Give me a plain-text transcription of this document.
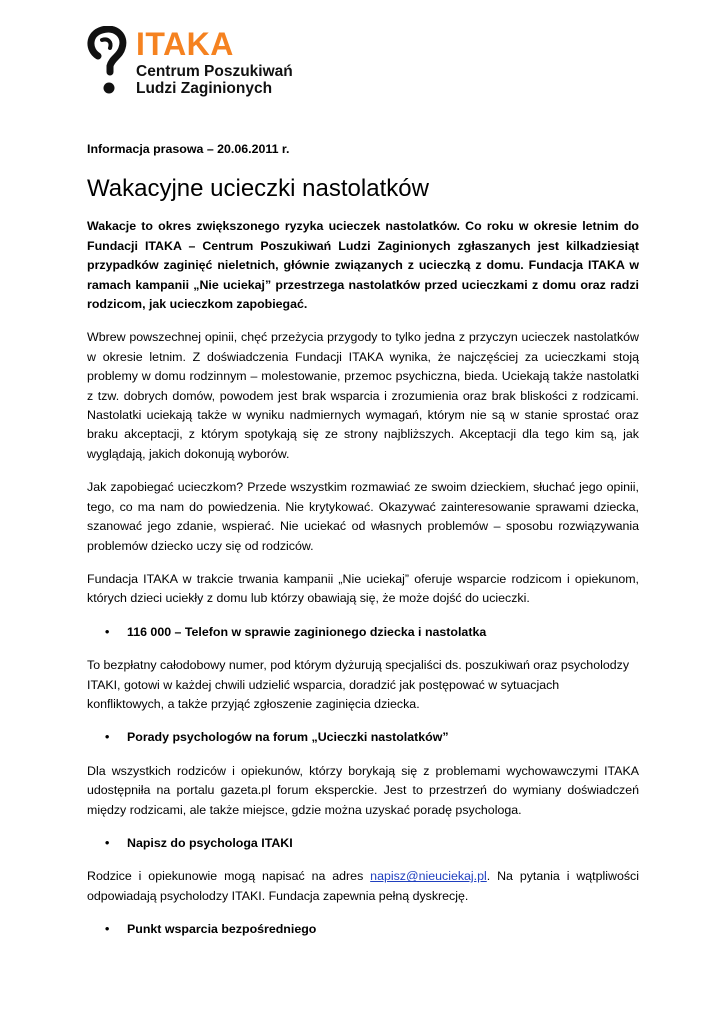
ITAKA
Centrum Poszukiwań
Ludzi Zaginionych
Informacja prasowa – 20.06.2011 r.
Wakacyjne ucieczki nastolatków

Wakacje to okres zwiększonego ryzyka ucieczek nastolatków. Co roku w okresie letnim do Fundacji ITAKA – Centrum Poszukiwań Ludzi Zaginionych zgłaszanych jest kilkadziesiąt przypadków zaginięć nieletnich, głównie związanych z ucieczką z domu. Fundacja ITAKA w ramach kampanii „Nie uciekaj” przestrzega nastolatków przed ucieczkami z domu oraz radzi rodzicom, jak ucieczkom zapobiegać.

Wbrew powszechnej opinii, chęć przeżycia przygody to tylko jedna z przyczyn ucieczek nastolatków w okresie letnim. Z doświadczenia Fundacji ITAKA wynika, że najczęściej za ucieczkami stoją problemy w domu rodzinnym – molestowanie, przemoc psychiczna, bieda. Uciekają także nastolatki z tzw. dobrych domów, powodem jest brak wsparcia i zrozumienia oraz brak bliskości z rodzicami. Nastolatki uciekają także w wyniku nadmiernych wymagań, którym nie są w stanie sprostać oraz braku akceptacji, z którym spotykają się ze strony najbliższych. Akceptacji dla tego kim są, jak wyglądają, jakich dokonują wyborów.

Jak zapobiegać ucieczkom? Przede wszystkim rozmawiać ze swoim dzieckiem, słuchać jego opinii, tego, co ma nam do powiedzenia. Nie krytykować. Okazywać zainteresowanie sprawami dziecka, szanować jego zdanie, wspierać. Nie uciekać od własnych problemów – sposobu rozwiązywania problemów dziecko uczy się od rodziców.

Fundacja ITAKA w trakcie trwania kampanii „Nie uciekaj” oferuje wsparcie rodzicom i opiekunom, których dzieci uciekły z domu lub którzy obawiają się, że może dojść do ucieczki.

•	116 000 – Telefon w sprawie zaginionego dziecka i nastolatka

To bezpłatny całodobowy numer, pod którym dyżurują specjaliści ds. poszukiwań oraz psycholodzy ITAKI, gotowi w każdej chwili udzielić wsparcia, doradzić jak postępować w sytuacjach konfliktowych, a także przyjąć zgłoszenie zaginięcia dziecka.

•	Porady psychologów na forum „Ucieczki nastolatków”

Dla wszystkich rodziców i opiekunów, którzy borykają się z problemami wychowawczymi ITAKA udostępniła na portalu gazeta.pl forum eksperckie. Jest to przestrzeń do wymiany doświadczeń między rodzicami, ale także miejsce, gdzie można uzyskać poradę psychologa.

•	Napisz do psychologa ITAKI

Rodzice i opiekunowie mogą napisać na adres napisz@nieuciekaj.pl. Na pytania i wątpliwości odpowiadają psycholodzy ITAKI. Fundacja zapewnia pełną dyskrecję.

•	Punkt wsparcia bezpośredniego
